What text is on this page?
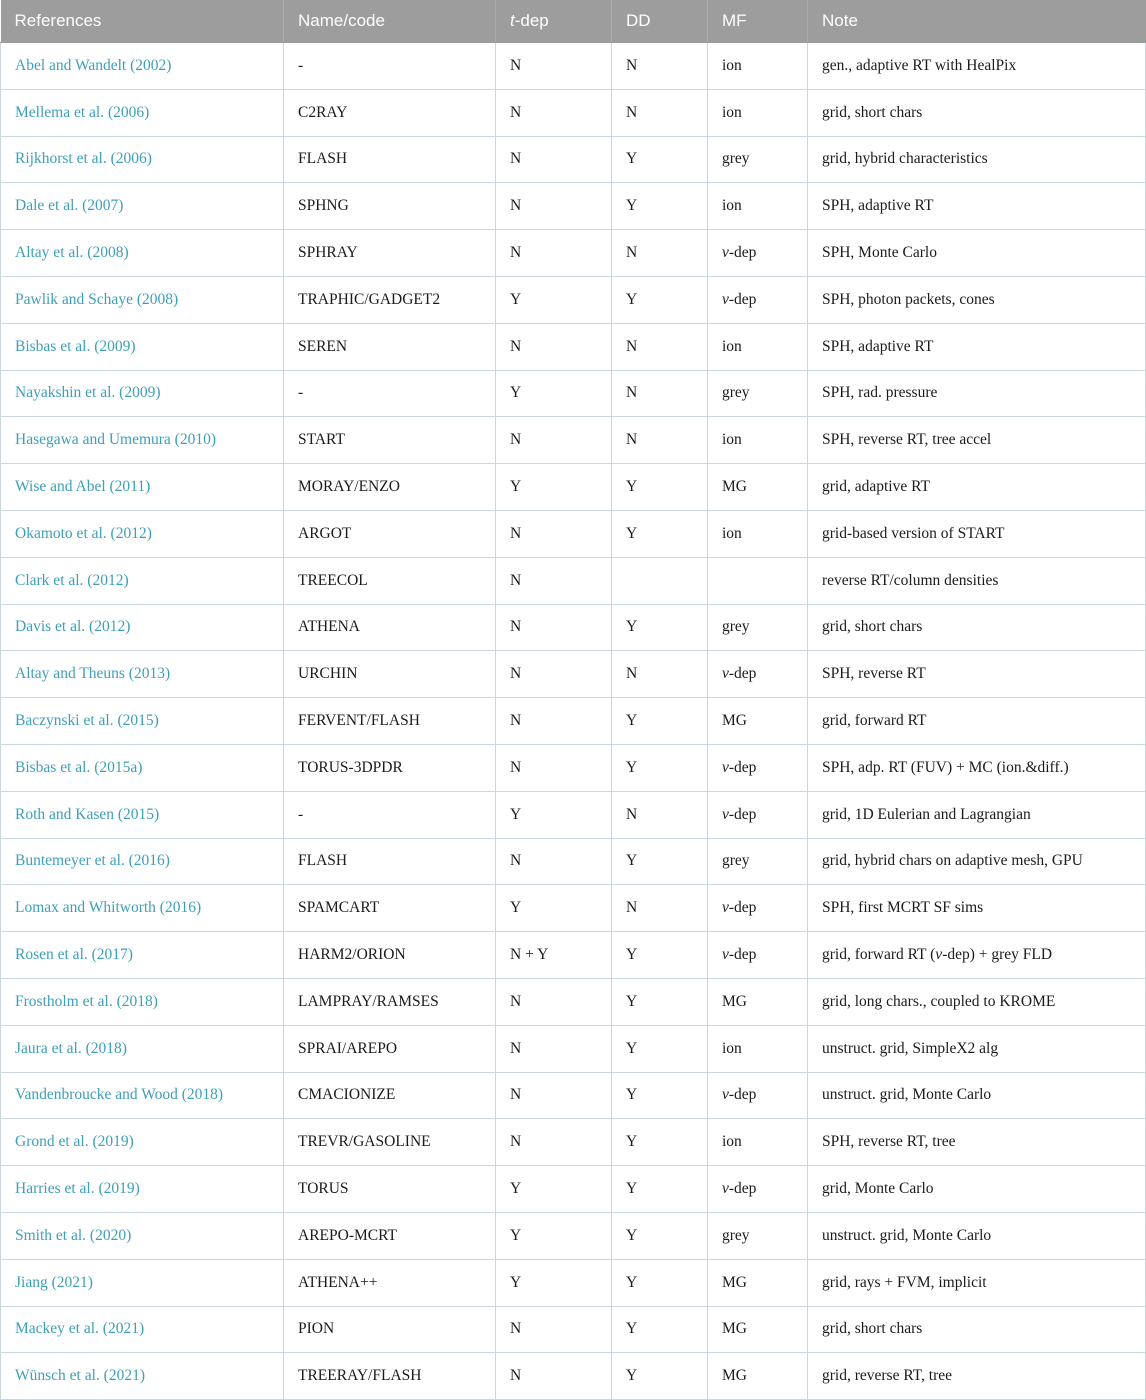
References	Name/code	t-dep	DD	MF	Note
Abel and Wandelt (2002)	-	N	N	ion	gen., adaptive RT with HealPix
Mellema et al. (2006)	C2RAY	N	N	ion	grid, short chars
Rijkhorst et al. (2006)	FLASH	N	Y	grey	grid, hybrid characteristics
Dale et al. (2007)	SPHNG	N	Y	ion	SPH, adaptive RT
Altay et al. (2008)	SPHRAY	N	N	ν-dep	SPH, Monte Carlo
Pawlik and Schaye (2008)	TRAPHIC/GADGET2	Y	Y	ν-dep	SPH, photon packets, cones
Bisbas et al. (2009)	SEREN	N	N	ion	SPH, adaptive RT
Nayakshin et al. (2009)	-	Y	N	grey	SPH, rad. pressure
Hasegawa and Umemura (2010)	START	N	N	ion	SPH, reverse RT, tree accel
Wise and Abel (2011)	MORAY/ENZO	Y	Y	MG	grid, adaptive RT
Okamoto et al. (2012)	ARGOT	N	Y	ion	grid-based version of START
Clark et al. (2012)	TREECOL	N			reverse RT/column densities
Davis et al. (2012)	ATHENA	N	Y	grey	grid, short chars
Altay and Theuns (2013)	URCHIN	N	N	ν-dep	SPH, reverse RT
Baczynski et al. (2015)	FERVENT/FLASH	N	Y	MG	grid, forward RT
Bisbas et al. (2015a)	TORUS-3DPDR	N	Y	ν-dep	SPH, adp. RT (FUV) + MC (ion.&diff.)
Roth and Kasen (2015)	-	Y	N	ν-dep	grid, 1D Eulerian and Lagrangian
Buntemeyer et al. (2016)	FLASH	N	Y	grey	grid, hybrid chars on adaptive mesh, GPU
Lomax and Whitworth (2016)	SPAMCART	Y	N	ν-dep	SPH, first MCRT SF sims
Rosen et al. (2017)	HARM2/ORION	N + Y	Y	ν-dep	grid, forward RT (ν-dep) + grey FLD
Frostholm et al. (2018)	LAMPRAY/RAMSES	N	Y	MG	grid, long chars., coupled to KROME
Jaura et al. (2018)	SPRAI/AREPO	N	Y	ion	unstruct. grid, SimpleX2 alg
Vandenbroucke and Wood (2018)	CMACIONIZE	N	Y	ν-dep	unstruct. grid, Monte Carlo
Grond et al. (2019)	TREVR/GASOLINE	N	Y	ion	SPH, reverse RT, tree
Harries et al. (2019)	TORUS	Y	Y	ν-dep	grid, Monte Carlo
Smith et al. (2020)	AREPO-MCRT	Y	Y	grey	unstruct. grid, Monte Carlo
Jiang (2021)	ATHENA++	Y	Y	MG	grid, rays + FVM, implicit
Mackey et al. (2021)	PION	N	Y	MG	grid, short chars
Wünsch et al. (2021)	TREERAY/FLASH	N	Y	MG	grid, reverse RT, tree
